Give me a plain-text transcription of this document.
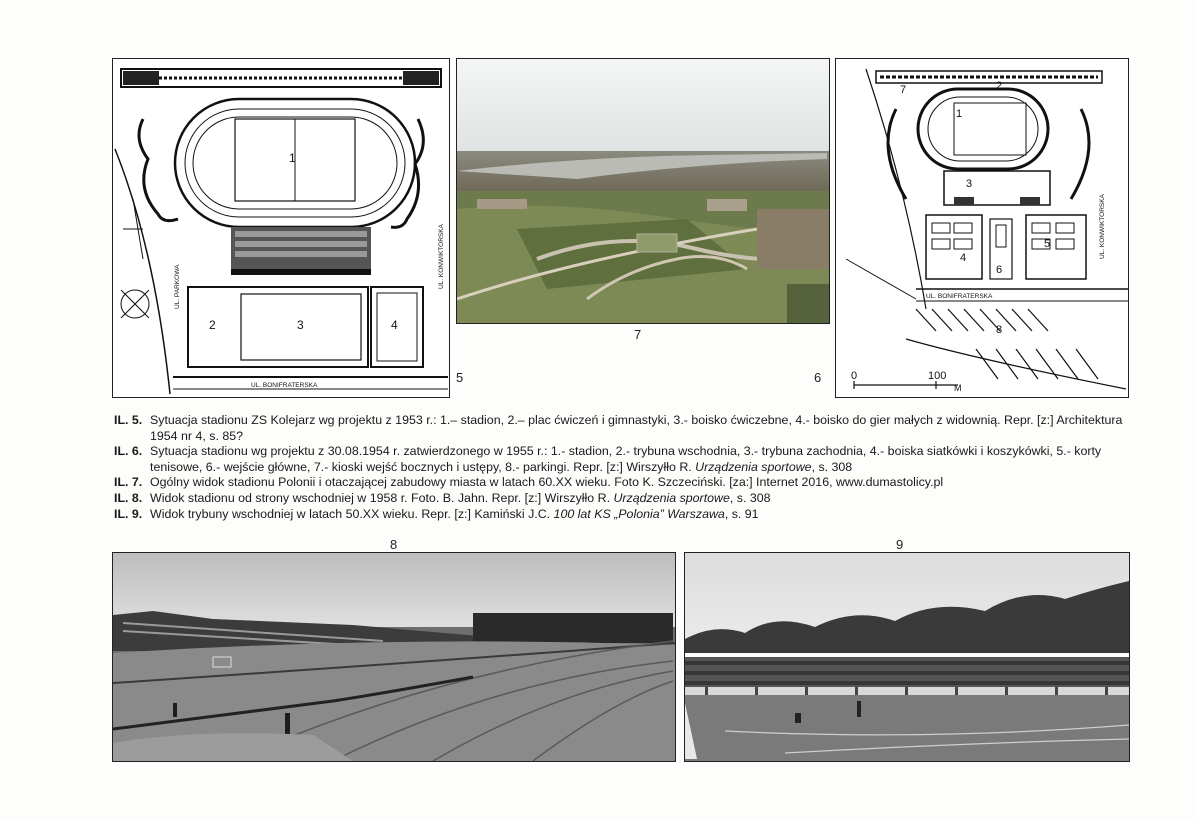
1
2	3	4
UL. PARKOWA	UL. KONWIKTORSKA
UL. BONIFRATERSKA
5
7
6
2
7
1
3
4
6
5	UL. KONWIKTORSKA
UL. BONIFRATERSKA
8
0	100
M
IL. 5. Sytuacja stadionu ZS Kolejarz wg projektu z 1953 r.: 1.– stadion, 2.– plac ćwiczeń i gimnastyki, 3.- boisko ćwiczebne, 4.- boisko do gier małych z widownią. Repr. [z:] Architektura 1954 nr 4, s. 85?
IL. 6. Sytuacja stadionu wg projektu z 30.08.1954 r. zatwierdzonego w 1955 r.: 1.- stadion, 2.- trybuna wschodnia, 3.- trybuna zachodnia, 4.- boiska siatkówki i koszykówki, 5.- korty tenisowe, 6.- wejście główne, 7.- kioski wejść bocznych i ustępy, 8.- parkingi. Repr. [z:] Wirszyłło R. Urządzenia sportowe, s. 308
IL. 7. Ogólny widok stadionu Polonii i otaczającej zabudowy miasta w latach 60.XX wieku. Foto K. Szczeciński. [za:] Internet 2016, www.dumastolicy.pl
IL. 8. Widok stadionu od strony wschodniej w 1958 r. Foto. B. Jahn. Repr. [z:] Wirszyłło R. Urządzenia sportowe, s. 308
IL. 9. Widok trybuny wschodniej w latach 50.XX wieku. Repr. [z:] Kamiński J.C. 100 lat KS „Polonia” Warszawa, s. 91
8	9
